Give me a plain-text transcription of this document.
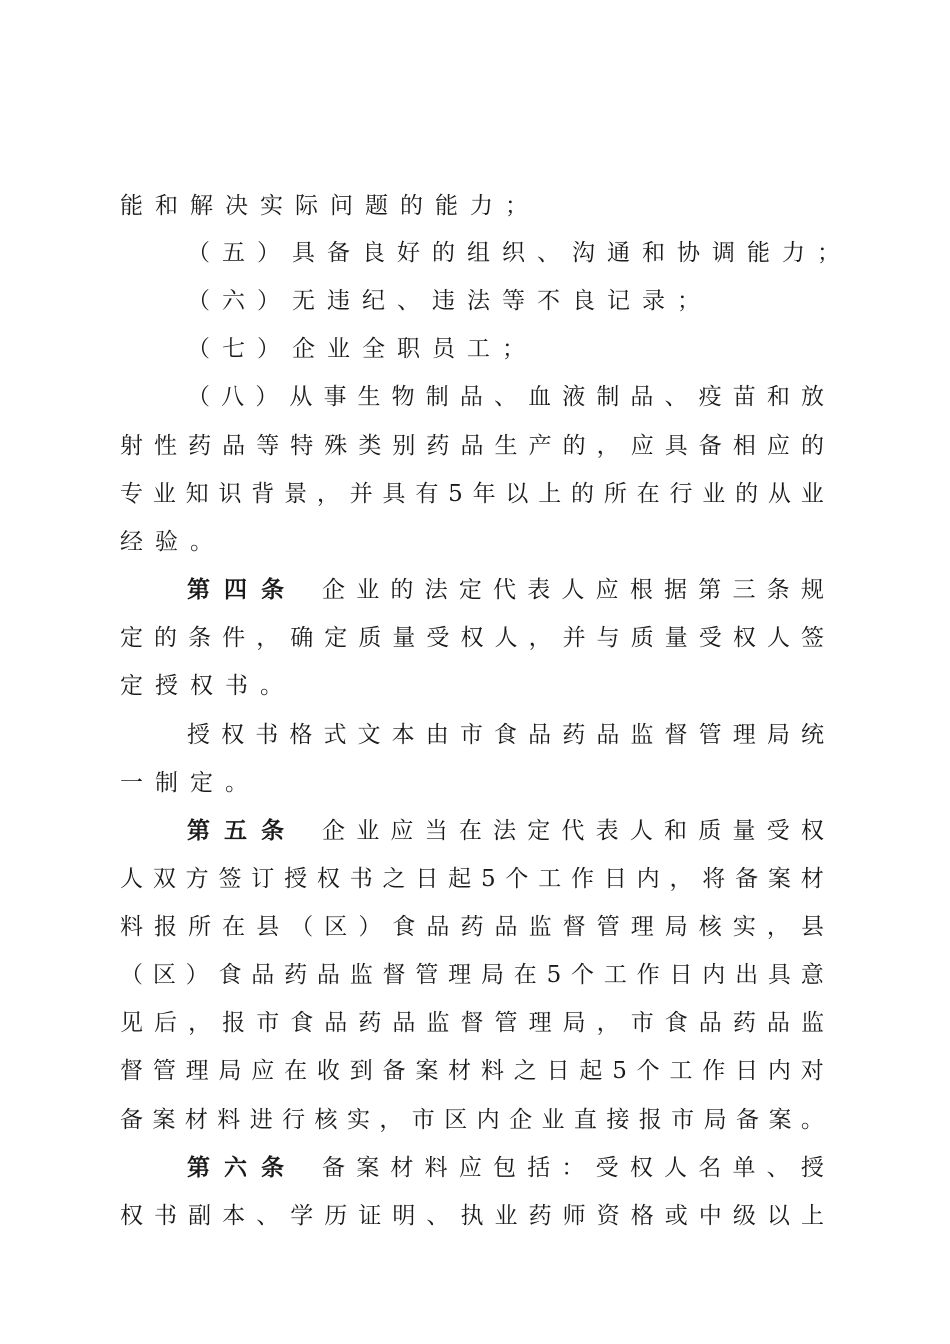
能和解决实际问题的能力；
（五）具备良好的组织、沟通和协调能力；
（六）无违纪、违法等不良记录；
（七）企业全职员工；
（ 八 ） 从 事 生 物 制 品 、 血 液 制 品 、 疫 苗 和 放
射 性 药 品 等 特 殊 类 别 药 品 生 产 的 ， 应 具 备 相 应 的
专 业 知 识 背 景 ， 并 具 有 5 年 以 上 的 所 在 行 业 的 从 业
经验。
第四条 企 业 的 法 定 代 表 人 应 根 据 第 三 条 规
定 的 条 件 ， 确 定 质 量 受 权 人 ， 并 与 质 量 受 权 人 签
定授权书。
授 权 书 格 式 文 本 由 市 食 品 药 品 监 督 管 理 局 统
一制定。
第五条 企 业 应 当 在 法 定 代 表 人 和 质 量 受 权
人 双 方 签 订 授 权 书 之 日 起 5 个 工 作 日 内 ， 将 备 案 材
料 报 所 在 县 （ 区 ） 食 品 药 品 监 督 管 理 局 核 实 ， 县
（ 区 ） 食 品 药 品 监 督 管 理 局 在 5 个 工 作 日 内 出 具 意
见 后 ， 报 市 食 品 药 品 监 督 管 理 局 ， 市 食 品 药 品 监
督 管 理 局 应 在 收 到 备 案 材 料 之 日 起 5 个 工 作 日 内 对
备 案 材 料 进 行 核 实 ， 市 区 内 企 业 直 接 报 市 局 备 案 。
第六条 备 案 材 料 应 包 括 ： 受 权 人 名 单 、 授
权 书 副 本 、 学 历 证 明 、 执 业 药 师 资 格 或 中 级 以 上
